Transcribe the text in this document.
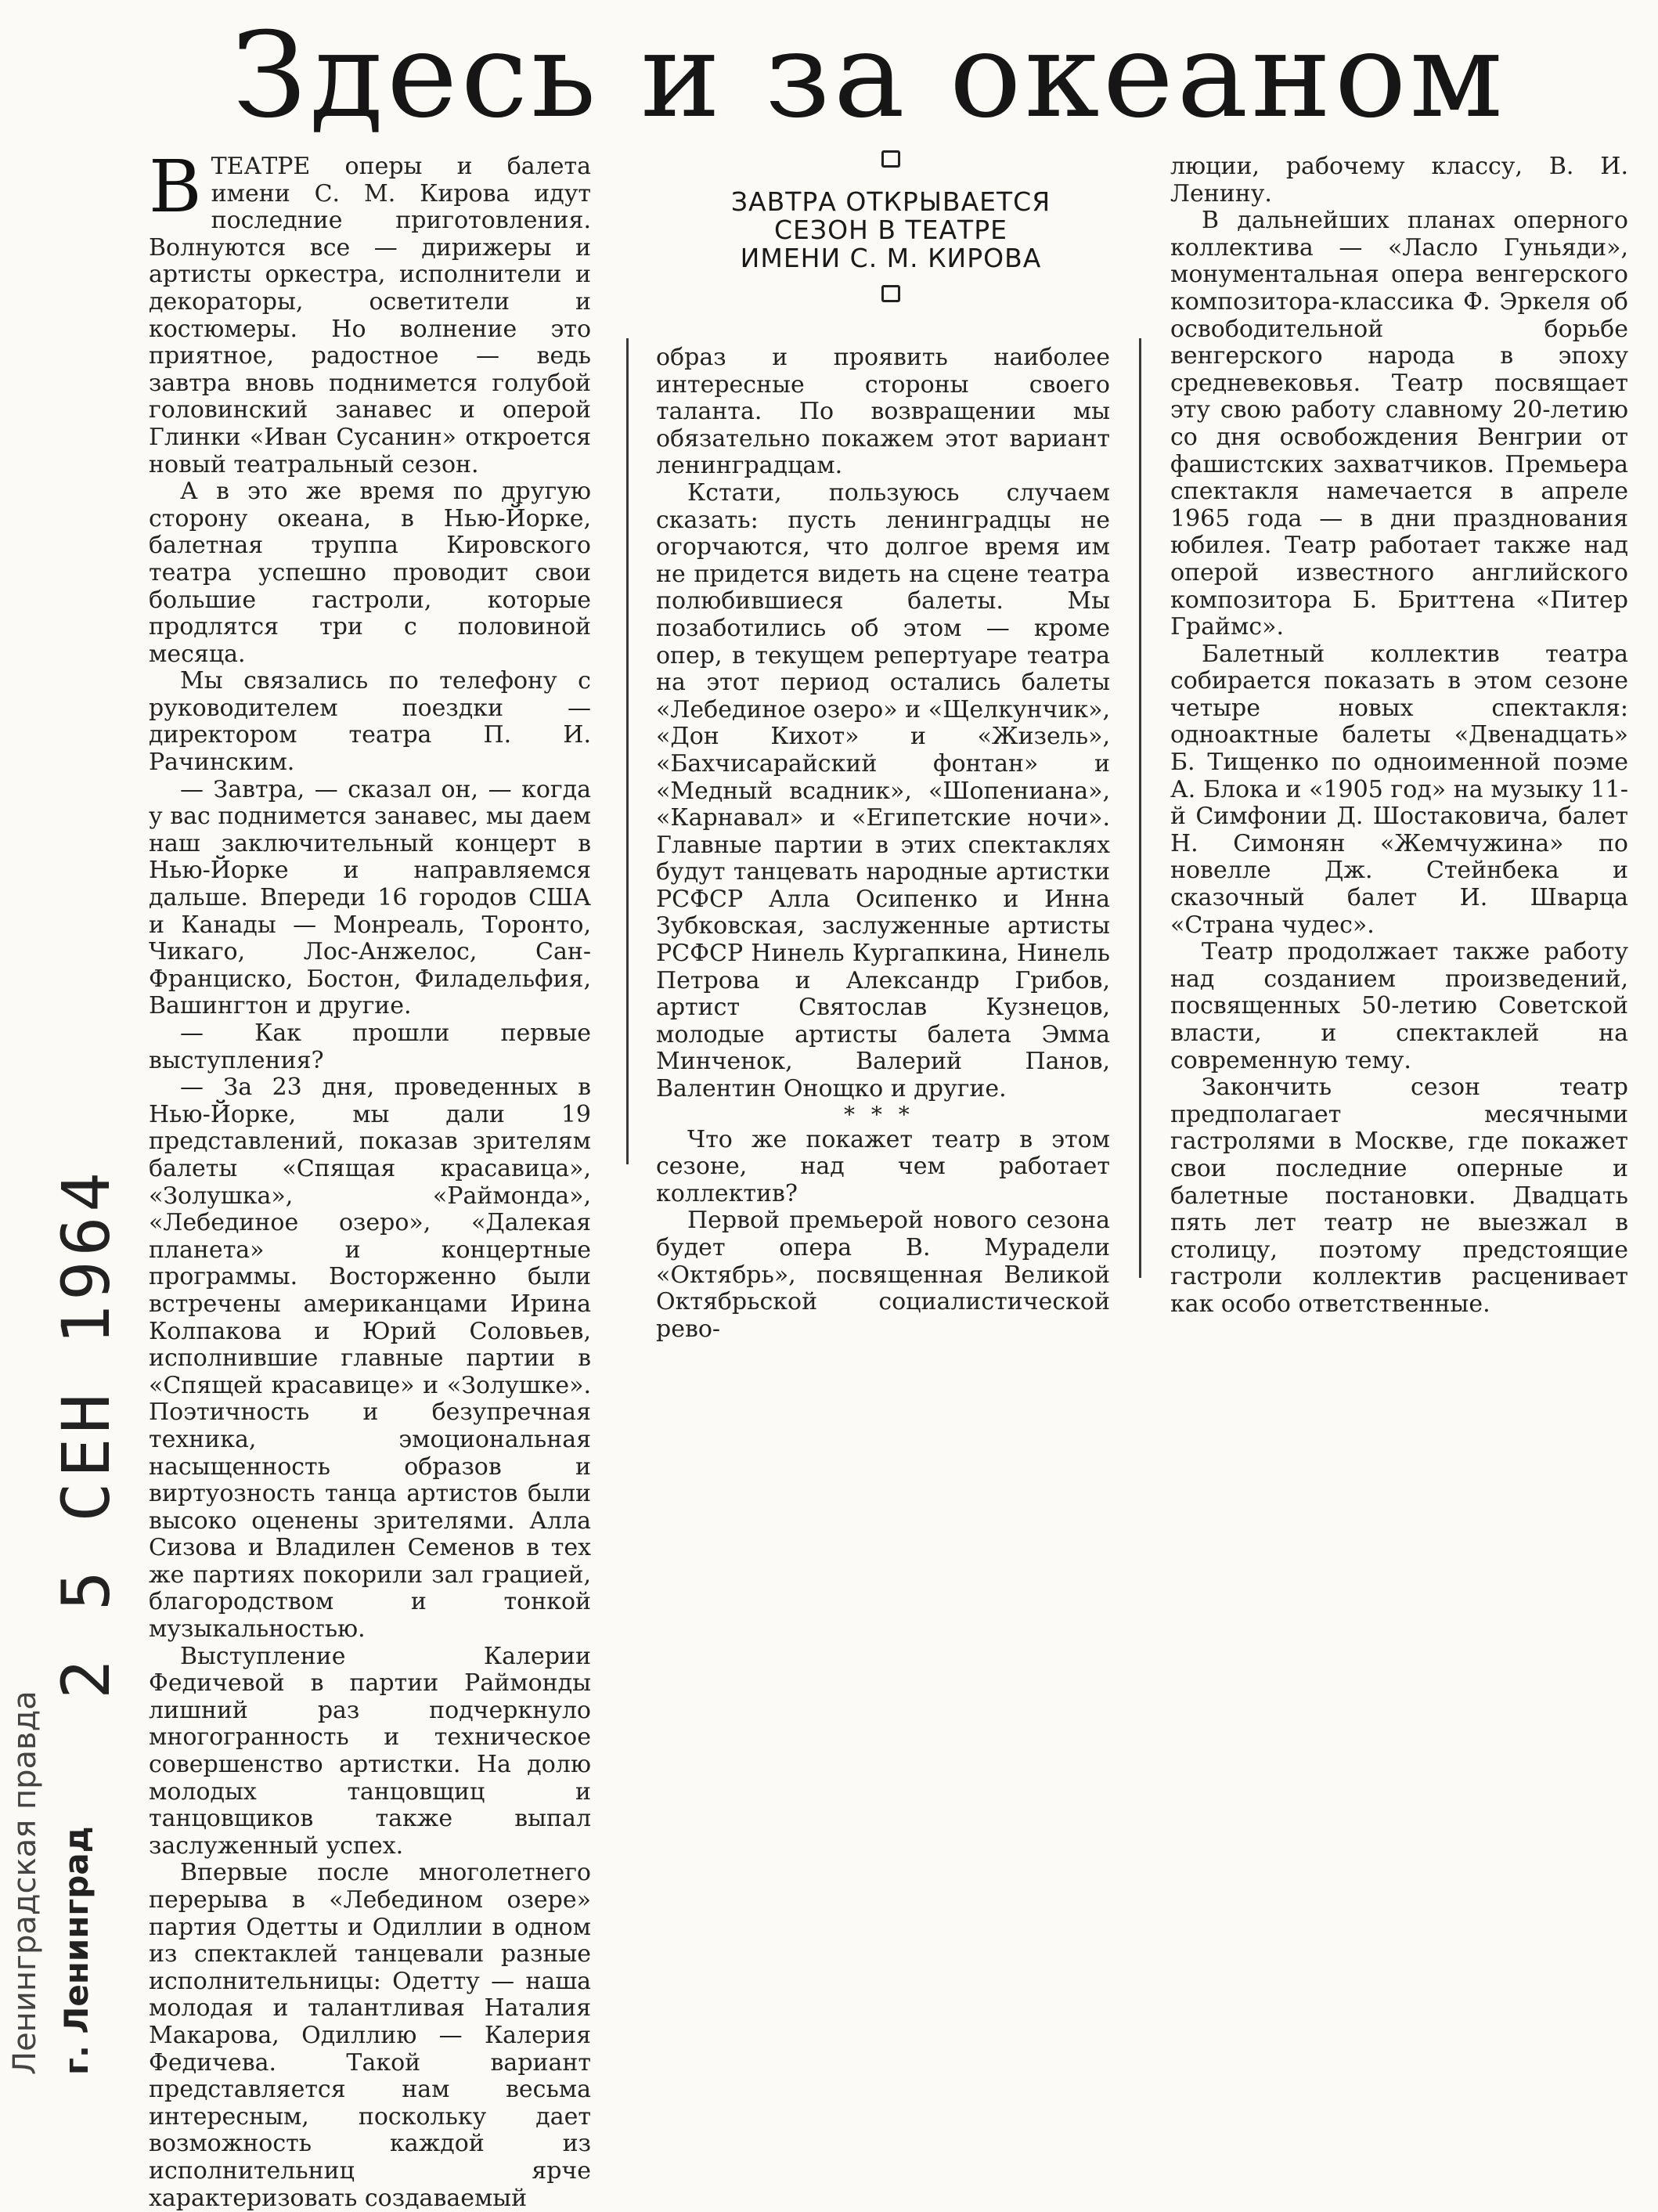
Здесь и за океаном

ВТЕАТРЕ оперы и балета имени С. М. Кирова идут последние приготовления. Волнуются все — дирижеры и артисты оркестра, исполнители и декораторы, осветители и костюмеры. Но волнение это приятное, радостное — ведь завтра вновь поднимется голубой головинский занавес и оперой Глинки «Иван Сусанин» откроется новый театральный сезон.

А в это же время по другую сторону океана, в Нью-Йорке, балетная труппа Кировского театра успешно проводит свои большие гастроли, которые продлятся три с половиной месяца.

Мы связались по телефону с руководителем поездки — директором театра П. И. Рачинским.

— Завтра, — сказал он, — когда у вас поднимется занавес, мы даем наш заключительный концерт в Нью-Йорке и направляемся дальше. Впереди 16 городов США и Канады — Монреаль, Торонто, Чикаго, Лос-Анжелос, Сан-Франциско, Бостон, Филадельфия, Вашингтон и другие.

— Как прошли первые выступления?

— За 23 дня, проведенных в Нью-Йорке, мы дали 19 представлений, показав зрителям балеты «Спящая красавица», «Золушка», «Раймонда», «Лебединое озеро», «Далекая планета» и концертные программы. Восторженно были встречены американцами Ирина Колпакова и Юрий Соловьев, исполнившие главные партии в «Спящей красавице» и «Золушке». Поэтичность и безупречная техника, эмоциональная насыщенность образов и виртуозность танца артистов были высоко оценены зрителями. Алла Сизова и Владилен Семенов в тех же партиях покорили зал грацией, благородством и тонкой музыкальностью.

Выступление Калерии Федичевой в партии Раймонды лишний раз подчеркнуло многогранность и техническое совершенство артистки. На долю молодых танцовщиц и танцовщиков также выпал заслуженный успех.

Впервые после многолетнего перерыва в «Лебедином озере» партия Одетты и Одиллии в одном из спектаклей танцевали разные исполнительницы: Одетту — наша молодая и талантливая Наталия Макарова, Одиллию — Калерия Федичева. Такой вариант представляется нам весьма интересным, поскольку дает возможность каждой из исполнительниц ярче характеризовать создаваемый

ЗАВТРА ОТКРЫВАЕТСЯ

СЕЗОН В ТЕАТРЕ

ИМЕНИ С. М. КИРОВА

образ и проявить наиболее интересные стороны своего таланта. По возвращении мы обязательно покажем этот вариант ленинградцам.

Кстати, пользуюсь случаем сказать: пусть ленинградцы не огорчаются, что долгое время им не придется видеть на сцене театра полюбившиеся балеты. Мы позаботились об этом — кроме опер, в текущем репертуаре театра на этот период остались балеты «Лебединое озеро» и «Щелкунчик», «Дон Кихот» и «Жизель», «Бахчисарайский фонтан» и «Медный всадник», «Шопениана», «Карнавал» и «Египетские ночи». Главные партии в этих спектаклях будут танцевать народные артистки РСФСР Алла Осипенко и Инна Зубковская, заслуженные артисты РСФСР Нинель Кургапкина, Нинель Петрова и Александр Грибов, артист Святослав Кузнецов, молодые артисты балета Эмма Минченок, Валерий Панов, Валентин Онощко и другие.

* * *

Что же покажет театр в этом сезоне, над чем работает коллектив?

Первой премьерой нового сезона будет опера В. Мурадели «Октябрь», посвященная Великой Октябрьской социалистической рево-

люции, рабочему классу, В. И. Ленину.

В дальнейших планах оперного коллектива — «Ласло Гуньяди», монументальная опера венгерского композитора-классика Ф. Эркеля об освободительной борьбе венгерского народа в эпоху средневековья. Театр посвящает эту свою работу славному 20-летию со дня освобождения Венгрии от фашистских захватчиков. Премьера спектакля намечается в апреле 1965 года — в дни празднования юбилея. Театр работает также над оперой известного английского композитора Б. Бриттена «Питер Граймс».

Балетный коллектив театра собирается показать в этом сезоне четыре новых спектакля: одноактные балеты «Двенадцать» Б. Тищенко по одноименной поэме А. Блока и «1905 год» на музыку 11-й Симфонии Д. Шостаковича, балет Н. Симонян «Жемчужина» по новелле Дж. Стейнбека и сказочный балет И. Шварца «Страна чудес».

Театр продолжает также работу над созданием произведений, посвященных 50-летию Советской власти, и спектаклей на современную тему.

Закончить сезон театр предполагает месячными гастролями в Москве, где покажет свои последние оперные и балетные постановки. Двадцать пять лет театр не выезжал в столицу, поэтому предстоящие гастроли коллектив расценивает как особо ответственные.

2 5 СЕН 1964
Ленинградская правда г. Ленинград
